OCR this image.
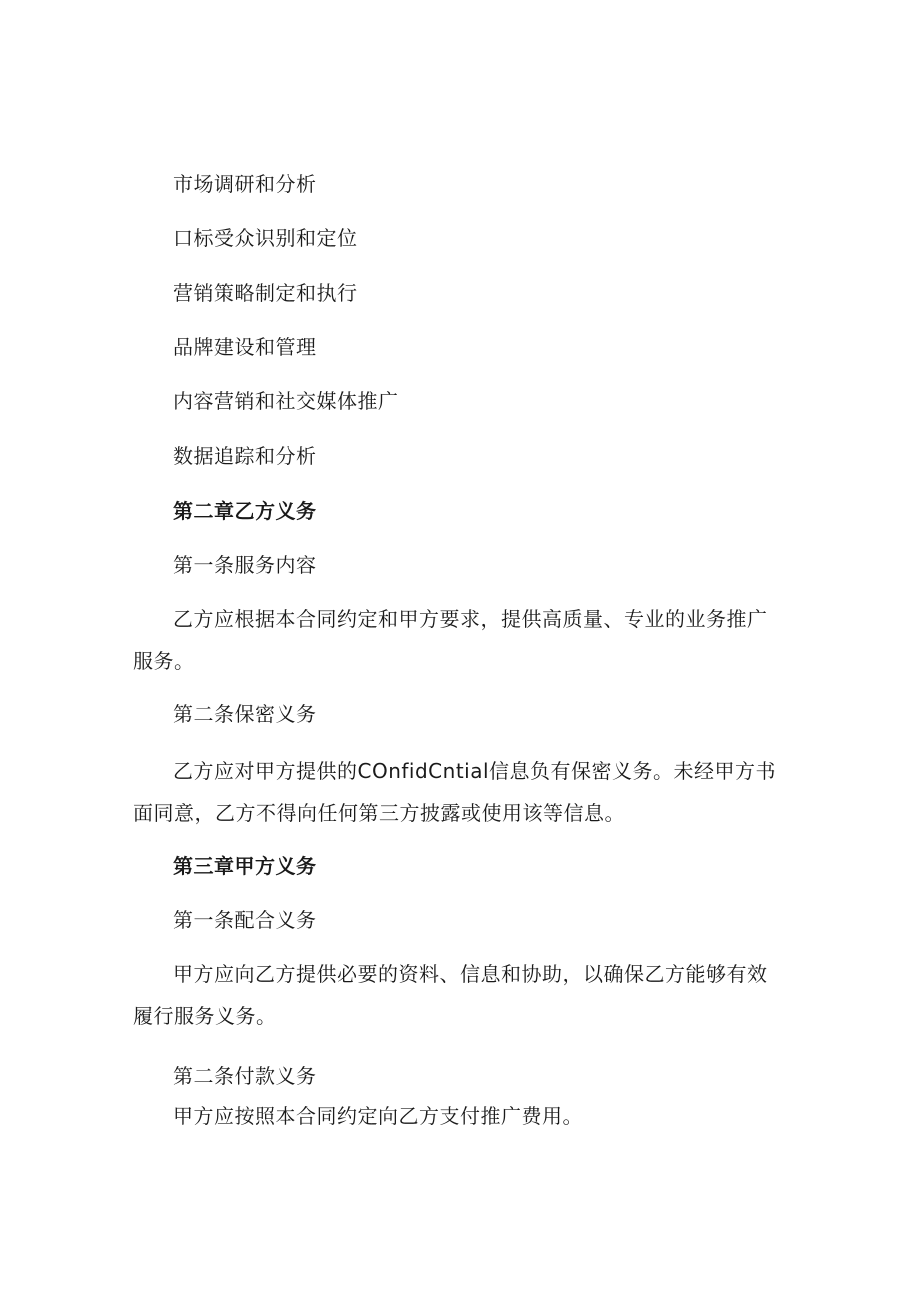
市场调研和分析
口标受众识别和定位
营销策略制定和执行
品牌建设和管理
内容营销和社交媒体推广
数据追踪和分析
第二章乙方义务
第一条服务内容
乙方应根据本合同约定和甲方要求，提供高质量、专业的业务推广服务。
第二条保密义务
乙方应对甲方提供的COnfidCntial信息负有保密义务。未经甲方书面同意，乙方不得向任何第三方披露或使用该等信息。
第三章甲方义务
第一条配合义务
甲方应向乙方提供必要的资料、信息和协助，以确保乙方能够有效履行服务义务。
第二条付款义务
甲方应按照本合同约定向乙方支付推广费用。
